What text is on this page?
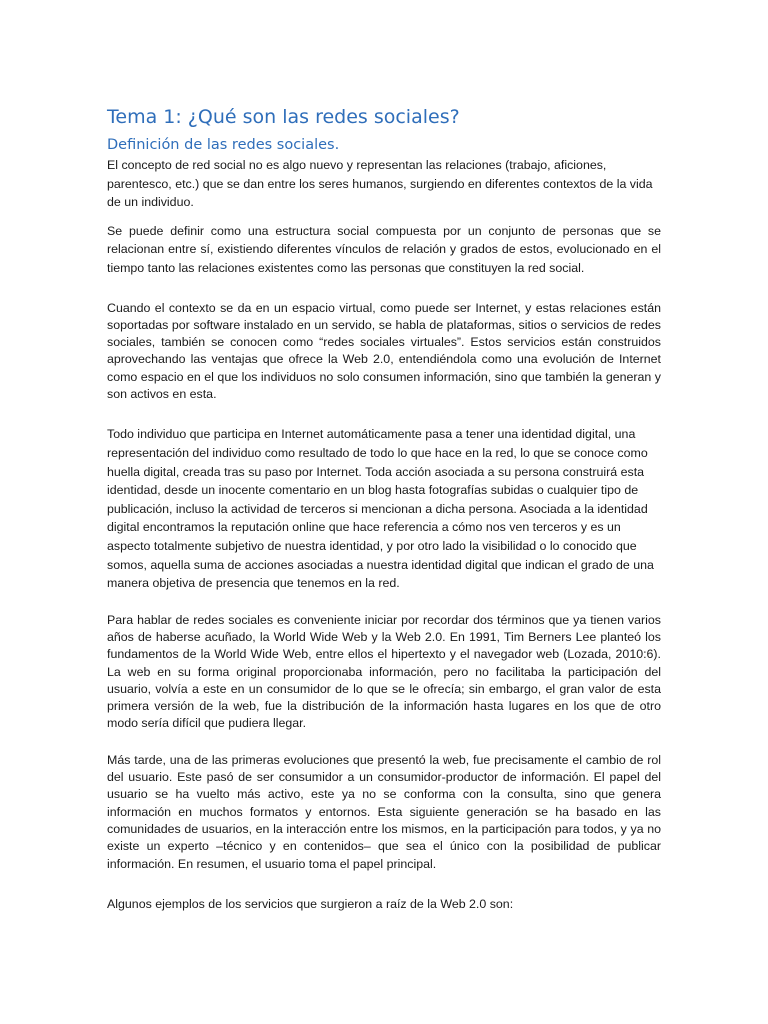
Tema 1: ¿Qué son las redes sociales?
Definición de las redes sociales.

El concepto de red social no es algo nuevo y representan las relaciones (trabajo, aficiones, parentesco, etc.) que se dan entre los seres humanos, surgiendo en diferentes contextos de la vida de un individuo.

Se puede definir como una estructura social compuesta por un conjunto de personas que se relacionan entre sí, existiendo diferentes vínculos de relación y grados de estos, evolucionado en el tiempo tanto las relaciones existentes como las personas que constituyen la red social.

Cuando el contexto se da en un espacio virtual, como puede ser Internet, y estas relaciones están soportadas por software instalado en un servido, se habla de plataformas, sitios o servicios de redes sociales, también se conocen como “redes sociales virtuales”. Estos servicios están construidos aprovechando las ventajas que ofrece la Web 2.0, entendiéndola como una evolución de Internet como espacio en el que los individuos no solo consumen información, sino que también la generan y son activos en esta.

Todo individuo que participa en Internet automáticamente pasa a tener una identidad digital, una representación del individuo como resultado de todo lo que hace en la red, lo que se conoce como huella digital, creada tras su paso por Internet. Toda acción asociada a su persona construirá esta identidad, desde un inocente comentario en un blog hasta fotografías subidas o cualquier tipo de publicación, incluso la actividad de terceros si mencionan a dicha persona. Asociada a la identidad digital encontramos la reputación online que hace referencia a cómo nos ven terceros y es un aspecto totalmente subjetivo de nuestra identidad, y por otro lado la visibilidad o lo conocido que somos, aquella suma de acciones asociadas a nuestra identidad digital que indican el grado de una manera objetiva de presencia que tenemos en la red.

Para hablar de redes sociales es conveniente iniciar por recordar dos términos que ya tienen varios años de haberse acuñado, la World Wide Web y la Web 2.0. En 1991, Tim Berners Lee planteó los fundamentos de la World Wide Web, entre ellos el hipertexto y el navegador web (Lozada, 2010:6). La web en su forma original proporcionaba información, pero no facilitaba la participación del usuario, volvía a este en un consumidor de lo que se le ofrecía; sin embargo, el gran valor de esta primera versión de la web, fue la distribución de la información hasta lugares en los que de otro modo sería difícil que pudiera llegar.

Más tarde, una de las primeras evoluciones que presentó la web, fue precisamente el cambio de rol del usuario. Este pasó de ser consumidor a un consumidor-productor de información. El papel del usuario se ha vuelto más activo, este ya no se conforma con la consulta, sino que genera información en muchos formatos y entornos. Esta siguiente generación se ha basado en las comunidades de usuarios, en la interacción entre los mismos, en la participación para todos, y ya no existe un experto –técnico y en contenidos– que sea el único con la posibilidad de publicar información. En resumen, el usuario toma el papel principal.

Algunos ejemplos de los servicios que surgieron a raíz de la Web 2.0 son:
